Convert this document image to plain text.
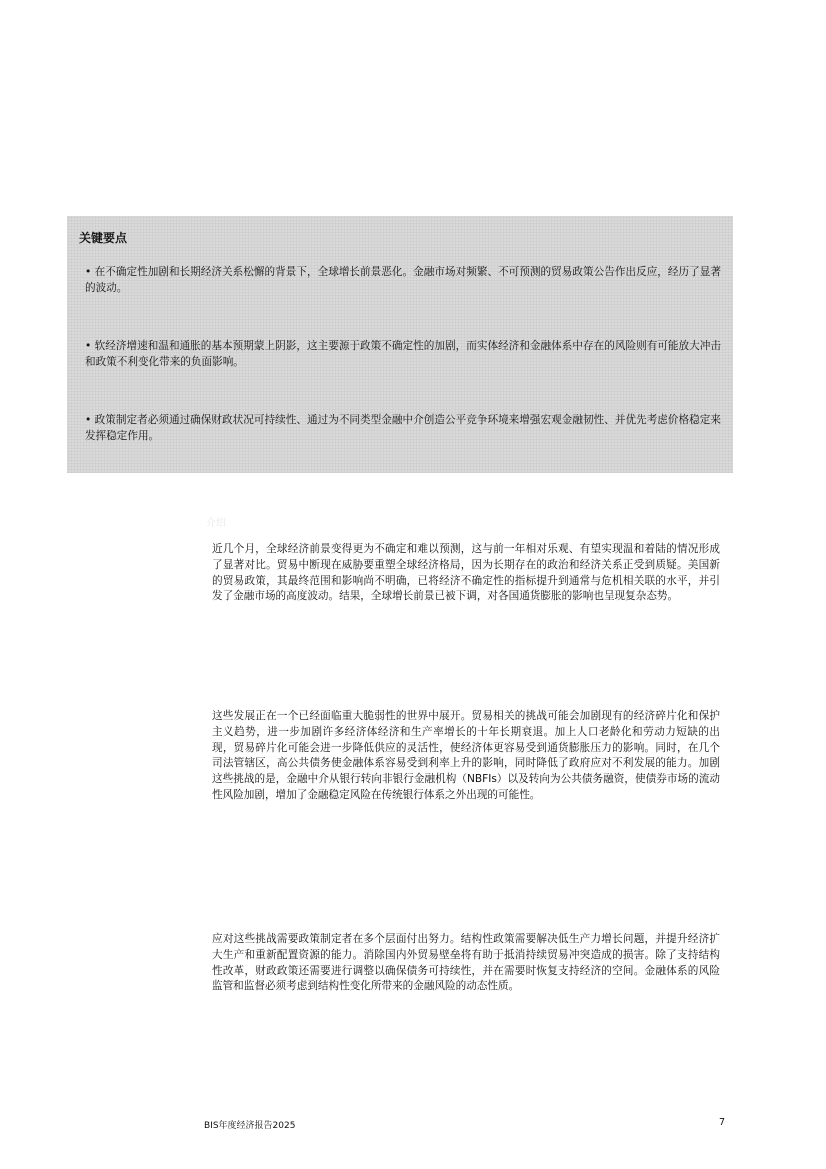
关键要点

• 在不确定性加剧和长期经济关系松懈的背景下，全球增长前景恶化。金融市场对频繁、不可预测的贸易政策公告作出反应，经历了显著的波动。

• 软经济增速和温和通胀的基本预期蒙上阴影，这主要源于政策不确定性的加剧，而实体经济和金融体系中存在的风险则有可能放大冲击和政策不利变化带来的负面影响。

• 政策制定者必须通过确保财政状况可持续性、通过为不同类型金融中介创造公平竞争环境来增强宏观金融韧性、并优先考虑价格稳定来发挥稳定作用。

介绍

近几个月，全球经济前景变得更为不确定和难以预测，这与前一年相对乐观、有望实现温和着陆的情况形成了显著对比。贸易中断现在威胁要重塑全球经济格局，因为长期存在的政治和经济关系正受到质疑。美国新的贸易政策，其最终范围和影响尚不明确，已将经济不确定性的指标提升到通常与危机相关联的水平，并引发了金融市场的高度波动。结果，全球增长前景已被下调，对各国通货膨胀的影响也呈现复杂态势。

这些发展正在一个已经面临重大脆弱性的世界中展开。贸易相关的挑战可能会加剧现有的经济碎片化和保护主义趋势，进一步加剧许多经济体经济和生产率增长的十年长期衰退。加上人口老龄化和劳动力短缺的出现，贸易碎片化可能会进一步降低供应的灵活性，使经济体更容易受到通货膨胀压力的影响。同时，在几个司法管辖区，高公共债务使金融体系容易受到利率上升的影响，同时降低了政府应对不利发展的能力。加剧这些挑战的是，金融中介从银行转向非银行金融机构（NBFIs）以及转向为公共债务融资，使债券市场的流动性风险加剧，增加了金融稳定风险在传统银行体系之外出现的可能性。

应对这些挑战需要政策制定者在多个层面付出努力。结构性政策需要解决低生产力增长问题，并提升经济扩大生产和重新配置资源的能力。消除国内外贸易壁垒将有助于抵消持续贸易冲突造成的损害。除了支持结构性改革，财政政策还需要进行调整以确保债务可持续性，并在需要时恢复支持经济的空间。金融体系的风险监管和监督必须考虑到结构性变化所带来的金融风险的动态性质。

BIS年度经济报告2025	7
